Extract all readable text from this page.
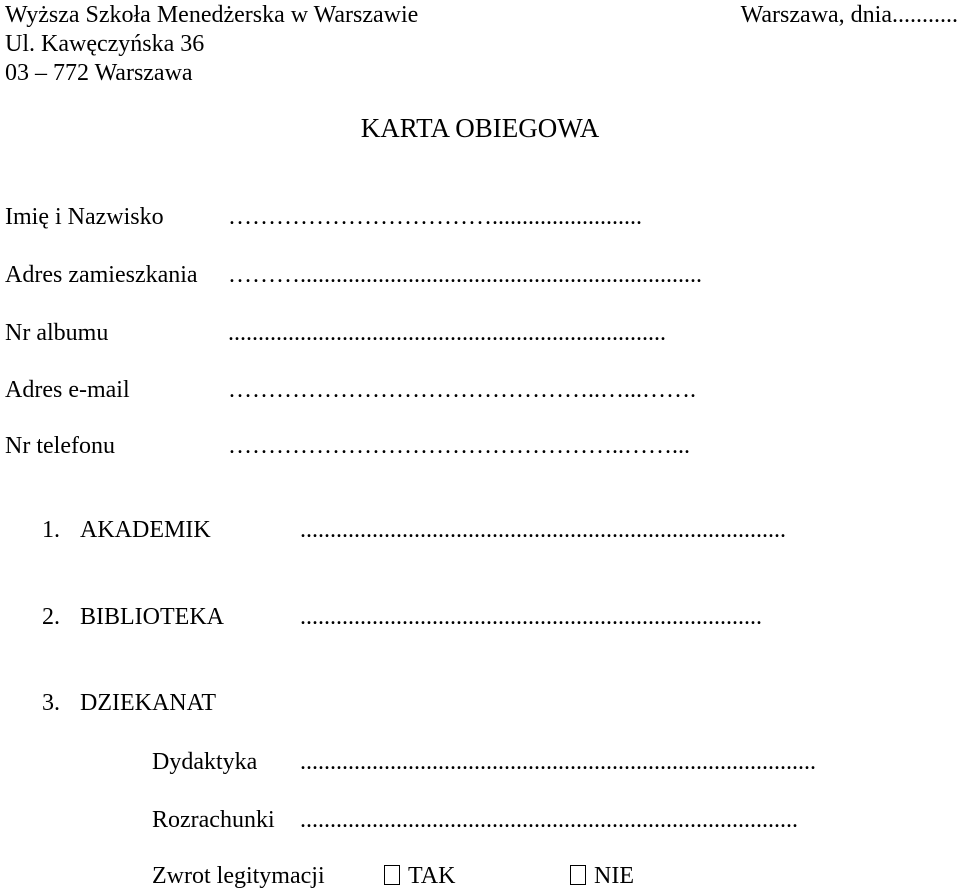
Wyższa Szkoła Menedżerska w Warszawie
Ul. Kawęczyńska 36
03 – 772 Warszawa
Warszawa, dnia...........
KARTA OBIEGOWA
Imię i Nazwisko	…………………………….........................
Adres zamieszkania ………...................................................................
Nr albumu	.........................................................................
Adres e-mail	………………………………………..…...…….
Nr telefonu	…………………………………………..……...
1. AKADEMIK	.................................................................................
2. BIBLIOTEKA	.............................................................................
3. DZIEKANAT
Dydaktyka ......................................................................................
Rozrachunki ...................................................................................
Zwrot legitymacji	TAK	NIE
